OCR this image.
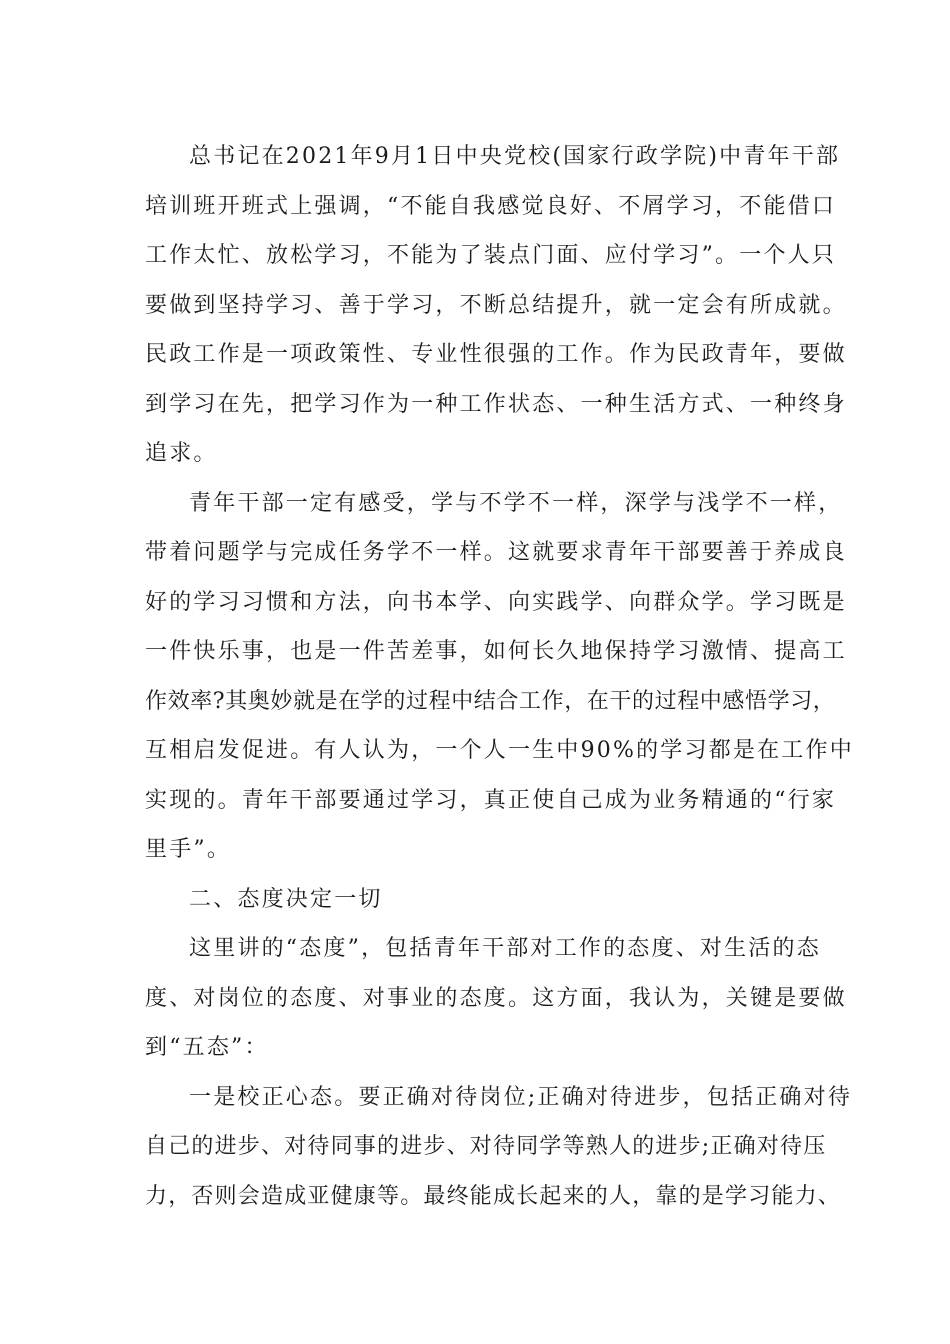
总书记在2021年9月1日中央党校(国家行政学院)中青年干部
培训班开班式上强调，“不能自我感觉良好、不屑学习，不能借口
工作太忙、放松学习，不能为了装点门面、应付学习”。一个人只
要做到坚持学习、善于学习，不断总结提升，就一定会有所成就。
民政工作是一项政策性、专业性很强的工作。作为民政青年，要做
到学习在先，把学习作为一种工作状态、一种生活方式、一种终身
追求。

青年干部一定有感受，学与不学不一样，深学与浅学不一样，
带着问题学与完成任务学不一样。这就要求青年干部要善于养成良
好的学习习惯和方法，向书本学、向实践学、向群众学。学习既是
一件快乐事，也是一件苦差事，如何长久地保持学习激情、提高工
作效率?其奥妙就是在学的过程中结合工作，在干的过程中感悟学习，
互相启发促进。有人认为，一个人一生中90%的学习都是在工作中
实现的。青年干部要通过学习，真正使自己成为业务精通的“行家
里手”。

二、态度决定一切

这里讲的“态度”，包括青年干部对工作的态度、对生活的态
度、对岗位的态度、对事业的态度。这方面，我认为，关键是要做
到“五态”：

一是校正心态。要正确对待岗位;正确对待进步，包括正确对待
自己的进步、对待同事的进步、对待同学等熟人的进步;正确对待压
力，否则会造成亚健康等。最终能成长起来的人，靠的是学习能力、
